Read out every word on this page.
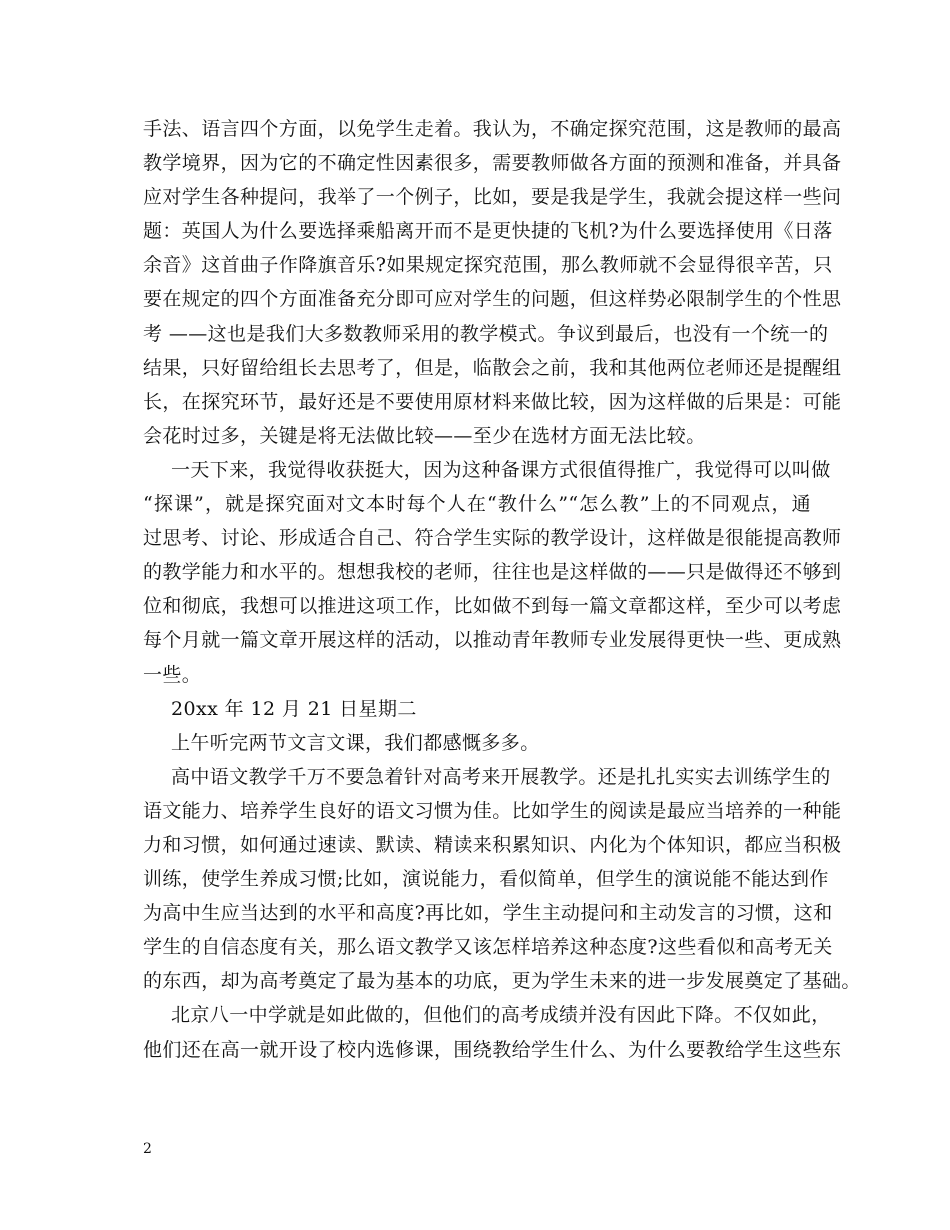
手法、语言四个方面，以免学生走着。我认为，不确定探究范围，这是教师的最高
教学境界，因为它的不确定性因素很多，需要教师做各方面的预测和准备，并具备
应对学生各种提问，我举了一个例子，比如，要是我是学生，我就会提这样一些问
题：英国人为什么要选择乘船离开而不是更快捷的飞机?为什么要选择使用《日落
余音》这首曲子作降旗音乐?如果规定探究范围，那么教师就不会显得很辛苦，只
要在规定的四个方面准备充分即可应对学生的问题，但这样势必限制学生的个性思
考 ——这也是我们大多数教师采用的教学模式。争议到最后，也没有一个统一的
结果，只好留给组长去思考了，但是，临散会之前，我和其他两位老师还是提醒组
长，在探究环节，最好还是不要使用原材料来做比较，因为这样做的后果是：可能
会花时过多，关键是将无法做比较——至少在选材方面无法比较。
一天下来，我觉得收获挺大，因为这种备课方式很值得推广，我觉得可以叫做
“探课”，就是探究面对文本时每个人在“教什么”“怎么教”上的不同观点，通
过思考、讨论、形成适合自己、符合学生实际的教学设计，这样做是很能提高教师
的教学能力和水平的。想想我校的老师，往往也是这样做的——只是做得还不够到
位和彻底，我想可以推进这项工作，比如做不到每一篇文章都这样，至少可以考虑
每个月就一篇文章开展这样的活动，以推动青年教师专业发展得更快一些、更成熟
一些。
20xx 年 12 月 21 日星期二
上午听完两节文言文课，我们都感慨多多。
高中语文教学千万不要急着针对高考来开展教学。还是扎扎实实去训练学生的
语文能力、培养学生良好的语文习惯为佳。比如学生的阅读是最应当培养的一种能
力和习惯，如何通过速读、默读、精读来积累知识、内化为个体知识，都应当积极
训练，使学生养成习惯;比如，演说能力，看似简单，但学生的演说能不能达到作
为高中生应当达到的水平和高度?再比如，学生主动提问和主动发言的习惯，这和
学生的自信态度有关，那么语文教学又该怎样培养这种态度?这些看似和高考无关
的东西，却为高考奠定了最为基本的功底，更为学生未来的进一步发展奠定了基础。
北京八一中学就是如此做的，但他们的高考成绩并没有因此下降。不仅如此，
他们还在高一就开设了校内选修课，围绕教给学生什么、为什么要教给学生这些东
2
